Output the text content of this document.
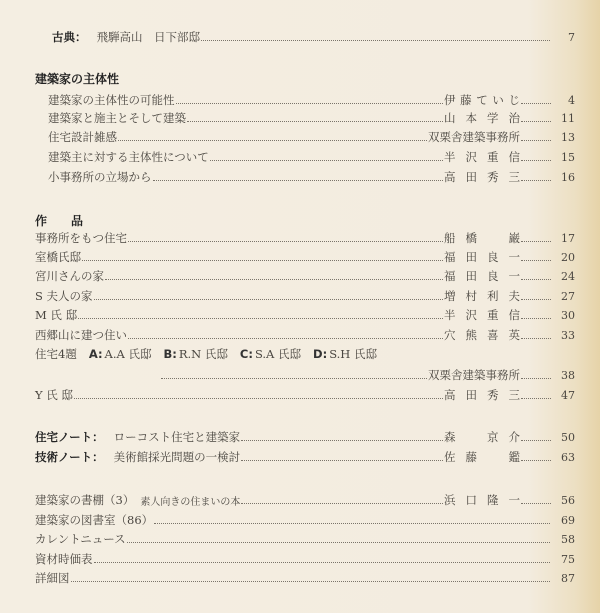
古典： 飛騨高山　日下部邸	7
建築家の主体性
建築家の主体性の可能性	伊藤ていじ	4
建築家と施主とそして建築	山本学治	11
住宅設計雑感	双栗舎建築事務所	13
建築主に対する主体性について	半沢重信	15
小事務所の立場から	高田秀三	16
作　　品
事務所をもつ住宅	船橋　巌	17
室橋氏邸	福田良一	20
宮川さんの家	福田良一	24
S 夫人の家	増村利夫	27
M 氏 邸	半沢重信	30
西郷山に建つ住い	穴熊喜英	33
住宅4題 A: A.A 氏邸 B: R.N 氏邸 C: S.A 氏邸 D: S.H 氏邸
双栗舎建築事務所	38
Y 氏 邸	高田秀三	47
住宅ノート： ローコスト住宅と建築家	森　京介	50
技術ノート： 美術館採光問題の一検討	佐藤　鑑	63
建築家の書棚（3） 素人向きの住まいの本	浜口隆一	56
建築家の図書室（86）	69
カレントニュース	58
資材時価表	75
詳細図	87
